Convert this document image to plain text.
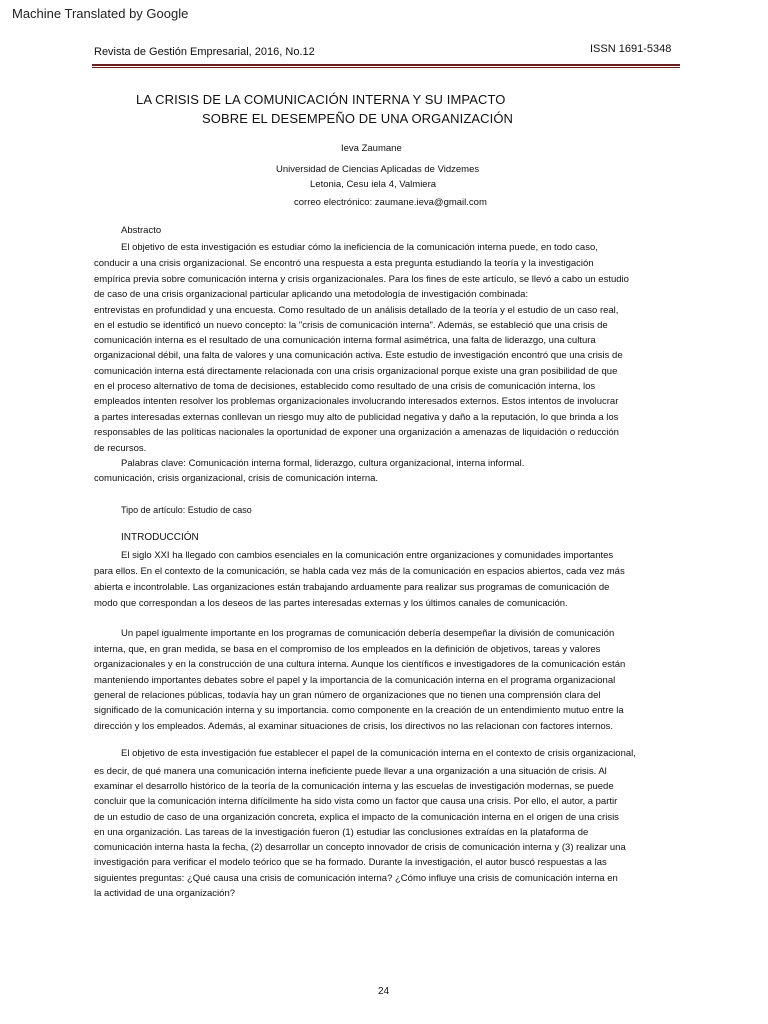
Machine Translated by Google
Revista de Gestión Empresarial, 2016, No.12	ISSN 1691-5348
LA CRISIS DE LA COMUNICACIÓN INTERNA Y SU IMPACTO
SOBRE EL DESEMPEÑO DE UNA ORGANIZACIÓN
Ieva Zaumane
Universidad de Ciencias Aplicadas de Vidzemes
Letonia, Cesu iela 4, Valmiera
correo electrónico: zaumane.ieva@gmail.com
Abstracto
El objetivo de esta investigación es estudiar cómo la ineficiencia de la comunicación interna puede, en todo caso,
conducir a una crisis organizacional. Se encontró una respuesta a esta pregunta estudiando la teoría y la investigación
empírica previa sobre comunicación interna y crisis organizacionales. Para los fines de este artículo, se llevó a cabo un estudio
de caso de una crisis organizacional particular aplicando una metodología de investigación combinada:
entrevistas en profundidad y una encuesta. Como resultado de un análisis detallado de la teoría y el estudio de un caso real,
en el estudio se identificó un nuevo concepto: la "crisis de comunicación interna". Además, se estableció que una crisis de
comunicación interna es el resultado de una comunicación interna formal asimétrica, una falta de liderazgo, una cultura
organizacional débil, una falta de valores y una comunicación activa. Este estudio de investigación encontró que una crisis de
comunicación interna está directamente relacionada con una crisis organizacional porque existe una gran posibilidad de que
en el proceso alternativo de toma de decisiones, establecido como resultado de una crisis de comunicación interna, los
empleados intenten resolver los problemas organizacionales involucrando interesados externos. Estos intentos de involucrar
a partes interesadas externas conllevan un riesgo muy alto de publicidad negativa y daño a la reputación, lo que brinda a los
responsables de las políticas nacionales la oportunidad de exponer una organización a amenazas de liquidación o reducción
de recursos.
Palabras clave: Comunicación interna formal, liderazgo, cultura organizacional, interna informal.
comunicación, crisis organizacional, crisis de comunicación interna.
Tipo de artículo: Estudio de caso
INTRODUCCIÓN
El siglo XXI ha llegado con cambios esenciales en la comunicación entre organizaciones y comunidades importantes
para ellos. En el contexto de la comunicación, se habla cada vez más de la comunicación en espacios abiertos, cada vez más
abierta e incontrolable. Las organizaciones están trabajando arduamente para realizar sus programas de comunicación de
modo que correspondan a los deseos de las partes interesadas externas y los últimos canales de comunicación.
Un papel igualmente importante en los programas de comunicación debería desempeñar la división de comunicación
interna, que, en gran medida, se basa en el compromiso de los empleados en la definición de objetivos, tareas y valores
organizacionales y en la construcción de una cultura interna. Aunque los científicos e investigadores de la comunicación están
manteniendo importantes debates sobre el papel y la importancia de la comunicación interna en el programa organizacional
general de relaciones públicas, todavía hay un gran número de organizaciones que no tienen una comprensión clara del
significado de la comunicación interna y su importancia. como componente en la creación de un entendimiento mutuo entre la
dirección y los empleados. Además, al examinar situaciones de crisis, los directivos no las relacionan con factores internos.
El objetivo de esta investigación fue establecer el papel de la comunicación interna en el contexto de crisis organizacional,
es decir, de qué manera una comunicación interna ineficiente puede llevar a una organización a una situación de crisis. Al
examinar el desarrollo histórico de la teoría de la comunicación interna y las escuelas de investigación modernas, se puede
concluir que la comunicación interna difícilmente ha sido vista como un factor que causa una crisis. Por ello, el autor, a partir
de un estudio de caso de una organización concreta, explica el impacto de la comunicación interna en el origen de una crisis
en una organización. Las tareas de la investigación fueron (1) estudiar las conclusiones extraídas en la plataforma de
comunicación interna hasta la fecha, (2) desarrollar un concepto innovador de crisis de comunicación interna y (3) realizar una
investigación para verificar el modelo teórico que se ha formado. Durante la investigación, el autor buscó respuestas a las
siguientes preguntas: ¿Qué causa una crisis de comunicación interna? ¿Cómo influye una crisis de comunicación interna en
la actividad de una organización?
24
